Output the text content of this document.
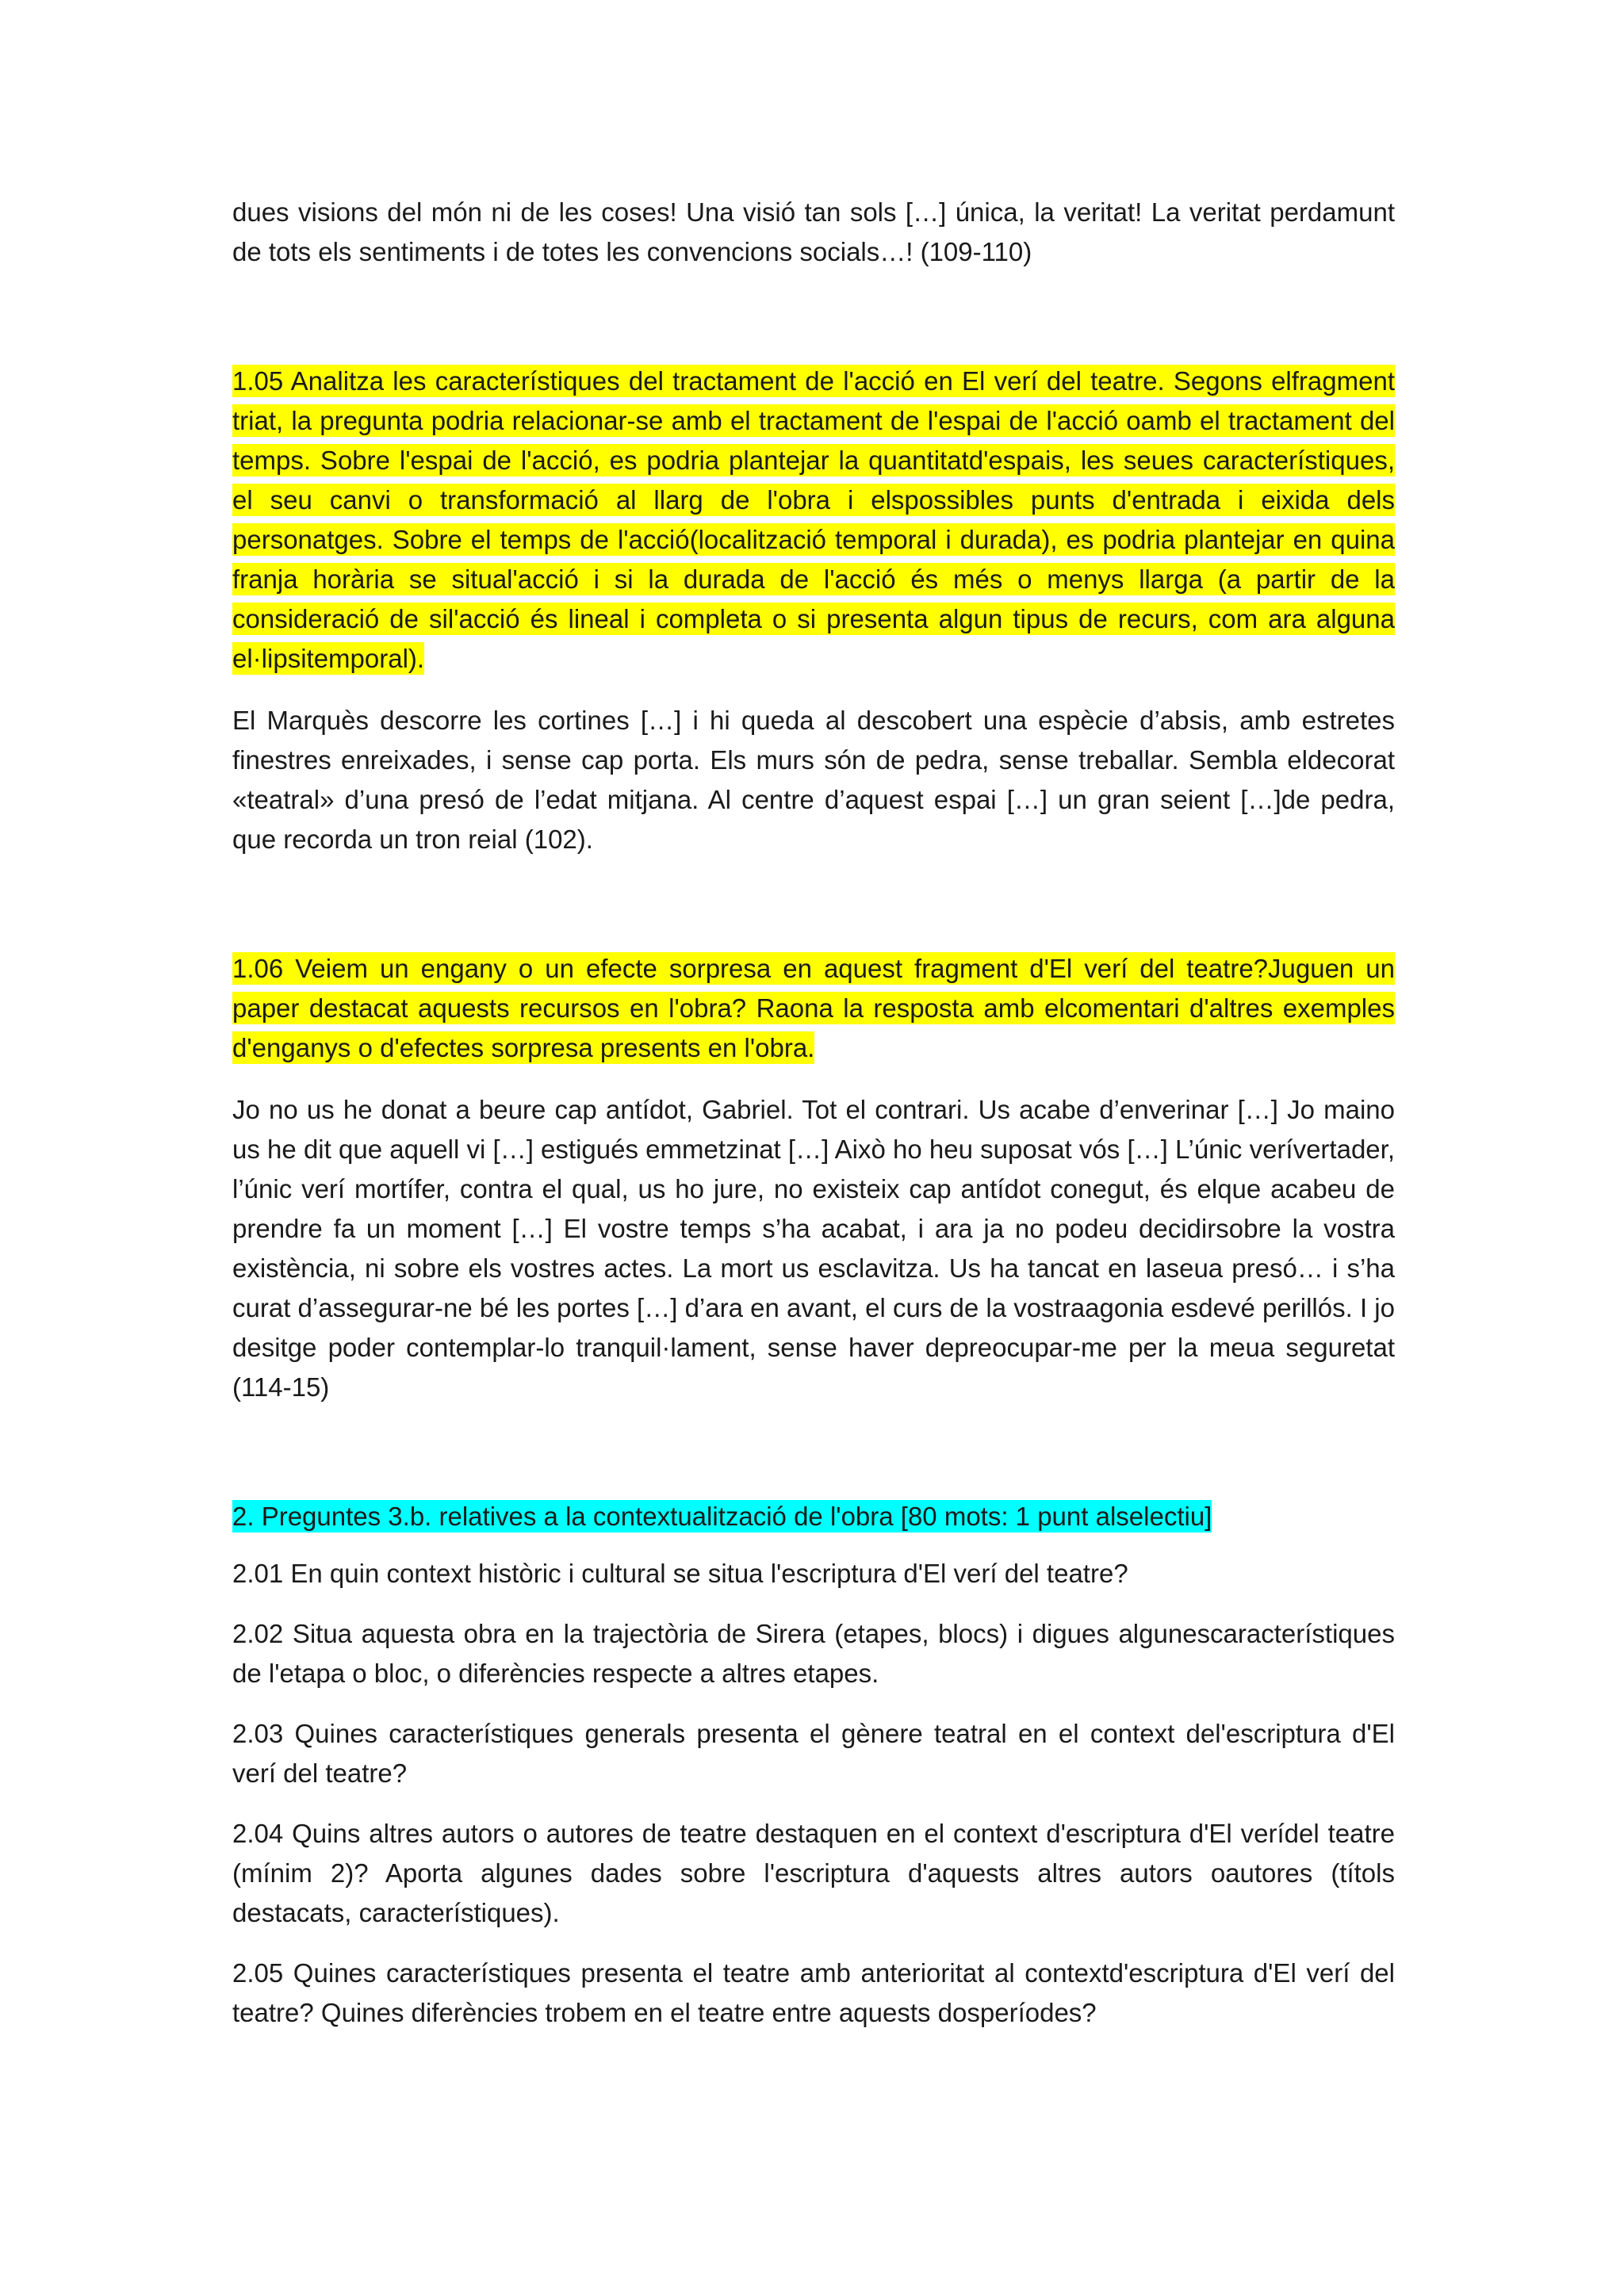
dues visions del món ni de les coses! Una visió tan sols […] única, la veritat! La veritat perdamunt de tots els sentiments i de totes les convencions socials…! (109-110)

1.05 Analitza les característiques del tractament de l'acció en El verí del teatre. Segons elfragment triat, la pregunta podria relacionar-se amb el tractament de l'espai de l'acció oamb el tractament del temps. Sobre l'espai de l'acció, es podria plantejar la quantitatd'espais, les seues característiques, el seu canvi o transformació al llarg de l'obra i elspossibles punts d'entrada i eixida dels personatges. Sobre el temps de l'acció(localització temporal i durada), es podria plantejar en quina franja horària se situal'acció i si la durada de l'acció és més o menys llarga (a partir de la consideració de sil'acció és lineal i completa o si presenta algun tipus de recurs, com ara alguna el·lipsitemporal).

El Marquès descorre les cortines […] i hi queda al descobert una espècie d’absis, amb estretes finestres enreixades, i sense cap porta. Els murs són de pedra, sense treballar. Sembla eldecorat «teatral» d’una presó de l’edat mitjana. Al centre d’aquest espai […] un gran seient […]de pedra, que recorda un tron reial (102).

1.06 Veiem un engany o un efecte sorpresa en aquest fragment d'El verí del teatre?Juguen un paper destacat aquests recursos en l'obra? Raona la resposta amb elcomentari d'altres exemples d'enganys o d'efectes sorpresa presents en l'obra.

Jo no us he donat a beure cap antídot, Gabriel. Tot el contrari. Us acabe d’enverinar […] Jo maino us he dit que aquell vi […] estigués emmetzinat […] Això ho heu suposat vós […] L’únic verívertader, l’únic verí mortífer, contra el qual, us ho jure, no existeix cap antídot conegut, és elque acabeu de prendre fa un moment […] El vostre temps s’ha acabat, i ara ja no podeu decidirsobre la vostra existència, ni sobre els vostres actes. La mort us esclavitza. Us ha tancat en laseua presó… i s’ha curat d’assegurar-ne bé les portes […] d’ara en avant, el curs de la vostraagonia esdevé perillós. I jo desitge poder contemplar-lo tranquil·lament, sense haver depreocupar-me per la meua seguretat (114-15)

2. Preguntes 3.b. relatives a la contextualització de l'obra [80 mots: 1 punt alselectiu]

2.01 En quin context històric i cultural se situa l'escriptura d'El verí del teatre?

2.02 Situa aquesta obra en la trajectòria de Sirera (etapes, blocs) i digues algunescaracterístiques de l'etapa o bloc, o diferències respecte a altres etapes.

2.03 Quines característiques generals presenta el gènere teatral en el context del'escriptura d'El verí del teatre?

2.04 Quins altres autors o autores de teatre destaquen en el context d'escriptura d'El verídel teatre (mínim 2)? Aporta algunes dades sobre l'escriptura d'aquests altres autors oautores (títols destacats, característiques).

2.05 Quines característiques presenta el teatre amb anterioritat al contextd'escriptura d'El verí del teatre? Quines diferències trobem en el teatre entre aquests dosperíodes?
